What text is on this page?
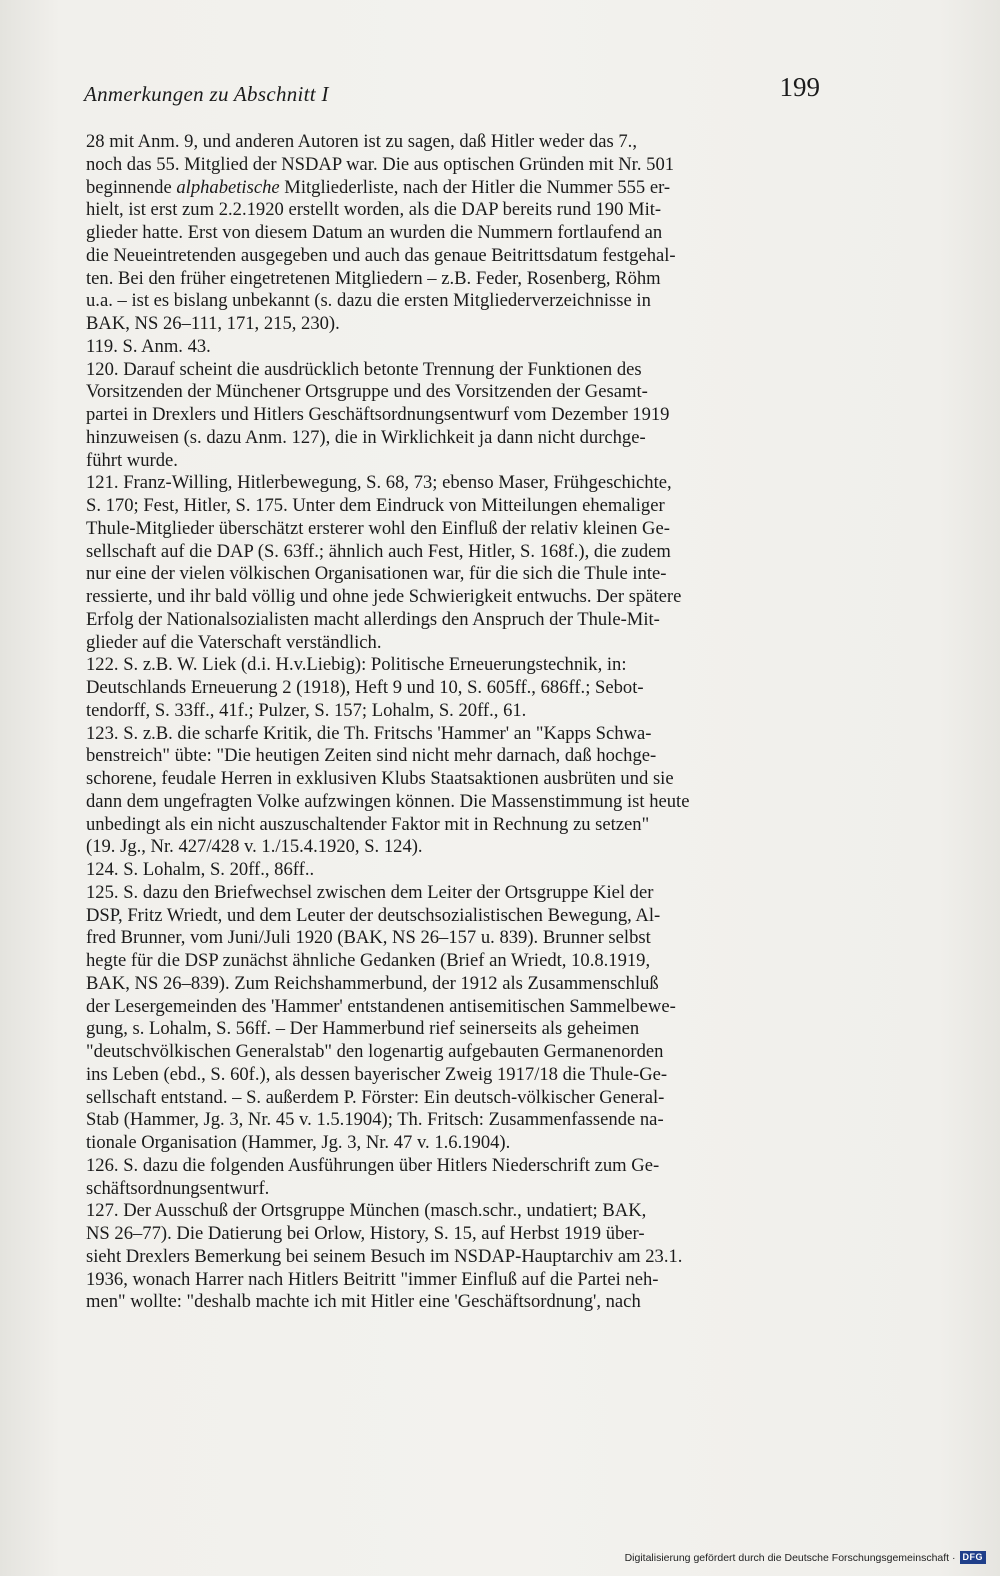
Anmerkungen zu Abschnitt I	199
28 mit Anm. 9, und anderen Autoren ist zu sagen, daß Hitler weder das 7.,
noch das 55. Mitglied der NSDAP war. Die aus optischen Gründen mit Nr. 501
beginnende alphabetische Mitgliederliste, nach der Hitler die Nummer 555 er-
hielt, ist erst zum 2.2.1920 erstellt worden, als die DAP bereits rund 190 Mit-
glieder hatte. Erst von diesem Datum an wurden die Nummern fortlaufend an
die Neueintretenden ausgegeben und auch das genaue Beitrittsdatum festgehal-
ten. Bei den früher eingetretenen Mitgliedern – z.B. Feder, Rosenberg, Röhm
u.a. – ist es bislang unbekannt (s. dazu die ersten Mitgliederverzeichnisse in
BAK, NS 26–111, 171, 215, 230).
119. S. Anm. 43.
120. Darauf scheint die ausdrücklich betonte Trennung der Funktionen des
Vorsitzenden der Münchener Ortsgruppe und des Vorsitzenden der Gesamt-
partei in Drexlers und Hitlers Geschäftsordnungsentwurf vom Dezember 1919
hinzuweisen (s. dazu Anm. 127), die in Wirklichkeit ja dann nicht durchge-
führt wurde.
121. Franz-Willing, Hitlerbewegung, S. 68, 73; ebenso Maser, Frühgeschichte,
S. 170; Fest, Hitler, S. 175. Unter dem Eindruck von Mitteilungen ehemaliger
Thule-Mitglieder überschätzt ersterer wohl den Einfluß der relativ kleinen Ge-
sellschaft auf die DAP (S. 63ff.; ähnlich auch Fest, Hitler, S. 168f.), die zudem
nur eine der vielen völkischen Organisationen war, für die sich die Thule inte-
ressierte, und ihr bald völlig und ohne jede Schwierigkeit entwuchs. Der spätere
Erfolg der Nationalsozialisten macht allerdings den Anspruch der Thule-Mit-
glieder auf die Vaterschaft verständlich.
122. S. z.B. W. Liek (d.i. H.v.Liebig): Politische Erneuerungstechnik, in:
Deutschlands Erneuerung 2 (1918), Heft 9 und 10, S. 605ff., 686ff.; Sebot-
tendorff, S. 33ff., 41f.; Pulzer, S. 157; Lohalm, S. 20ff., 61.
123. S. z.B. die scharfe Kritik, die Th. Fritschs 'Hammer' an "Kapps Schwa-
benstreich" übte: "Die heutigen Zeiten sind nicht mehr darnach, daß hochge-
schorene, feudale Herren in exklusiven Klubs Staatsaktionen ausbrüten und sie
dann dem ungefragten Volke aufzwingen können. Die Massenstimmung ist heute
unbedingt als ein nicht auszuschaltender Faktor mit in Rechnung zu setzen"
(19. Jg., Nr. 427/428 v. 1./15.4.1920, S. 124).
124. S. Lohalm, S. 20ff., 86ff..
125. S. dazu den Briefwechsel zwischen dem Leiter der Ortsgruppe Kiel der
DSP, Fritz Wriedt, und dem Leuter der deutschsozialistischen Bewegung, Al-
fred Brunner, vom Juni/Juli 1920 (BAK, NS 26–157 u. 839). Brunner selbst
hegte für die DSP zunächst ähnliche Gedanken (Brief an Wriedt, 10.8.1919,
BAK, NS 26–839). Zum Reichshammerbund, der 1912 als Zusammenschluß
der Lesergemeinden des 'Hammer' entstandenen antisemitischen Sammelbewe-
gung, s. Lohalm, S. 56ff. – Der Hammerbund rief seinerseits als geheimen
"deutschvölkischen Generalstab" den logenartig aufgebauten Germanenorden
ins Leben (ebd., S. 60f.), als dessen bayerischer Zweig 1917/18 die Thule-Ge-
sellschaft entstand. – S. außerdem P. Förster: Ein deutsch-völkischer General-
Stab (Hammer, Jg. 3, Nr. 45 v. 1.5.1904); Th. Fritsch: Zusammenfassende na-
tionale Organisation (Hammer, Jg. 3, Nr. 47 v. 1.6.1904).
126. S. dazu die folgenden Ausführungen über Hitlers Niederschrift zum Ge-
schäftsordnungsentwurf.
127. Der Ausschuß der Ortsgruppe München (masch.schr., undatiert; BAK,
NS 26–77). Die Datierung bei Orlow, History, S. 15, auf Herbst 1919 über-
sieht Drexlers Bemerkung bei seinem Besuch im NSDAP-Hauptarchiv am 23.1.
1936, wonach Harrer nach Hitlers Beitritt "immer Einfluß auf die Partei neh-
men" wollte: "deshalb machte ich mit Hitler eine 'Geschäftsordnung', nach
Digitalisierung gefördert durch die Deutsche Forschungsgemeinschaft · DFG
